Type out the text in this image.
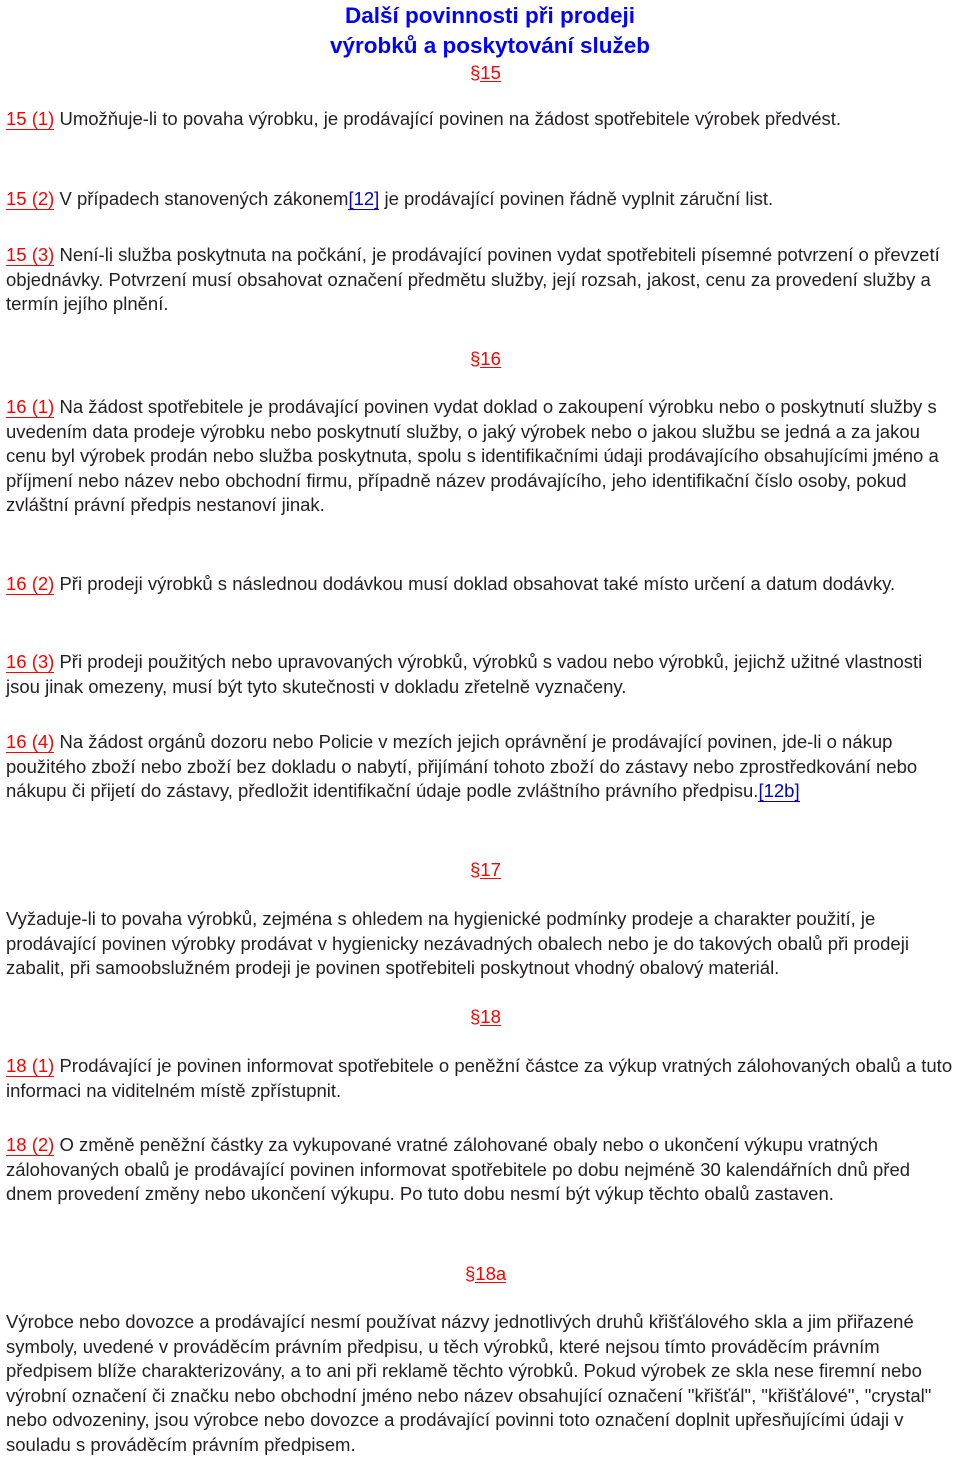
Další povinnosti při prodeji
výrobků a poskytování služeb
§15

15 (1) Umožňuje-li to povaha výrobku, je prodávající povinen na žádost spotřebitele výrobek předvést.

15 (2) V případech stanovených zákonem[12] je prodávající povinen řádně vyplnit záruční list.

15 (3) Není-li služba poskytnuta na počkání, je prodávající povinen vydat spotřebiteli písemné potvrzení o převzetí objednávky. Potvrzení musí obsahovat označení předmětu služby, její rozsah, jakost, cenu za provedení služby a termín jejího plnění.

§16

16 (1) Na žádost spotřebitele je prodávající povinen vydat doklad o zakoupení výrobku nebo o poskytnutí služby s uvedením data prodeje výrobku nebo poskytnutí služby, o jaký výrobek nebo o jakou službu se jedná a za jakou cenu byl výrobek prodán nebo služba poskytnuta, spolu s identifikačními údaji prodávajícího obsahujícími jméno a příjmení nebo název nebo obchodní firmu, případně název prodávajícího, jeho identifikační číslo osoby, pokud zvláštní právní předpis nestanoví jinak.

16 (2) Při prodeji výrobků s následnou dodávkou musí doklad obsahovat také místo určení a datum dodávky.

16 (3) Při prodeji použitých nebo upravovaných výrobků, výrobků s vadou nebo výrobků, jejichž užitné vlastnosti jsou jinak omezeny, musí být tyto skutečnosti v dokladu zřetelně vyznačeny.

16 (4) Na žádost orgánů dozoru nebo Policie v mezích jejich oprávnění je prodávající povinen, jde-li o nákup použitého zboží nebo zboží bez dokladu o nabytí, přijímání tohoto zboží do zástavy nebo zprostředkování nebo nákupu či přijetí do zástavy, předložit identifikační údaje podle zvláštního právního předpisu.[12b]

§17

Vyžaduje-li to povaha výrobků, zejména s ohledem na hygienické podmínky prodeje a charakter použití, je prodávající povinen výrobky prodávat v hygienicky nezávadných obalech nebo je do takových obalů při prodeji zabalit, při samoobslužném prodeji je povinen spotřebiteli poskytnout vhodný obalový materiál.

§18

18 (1) Prodávající je povinen informovat spotřebitele o peněžní částce za výkup vratných zálohovaných obalů a tuto informaci na viditelném místě zpřístupnit.

18 (2) O změně peněžní částky za vykupované vratné zálohované obaly nebo o ukončení výkupu vratných zálohovaných obalů je prodávající povinen informovat spotřebitele po dobu nejméně 30 kalendářních dnů před dnem provedení změny nebo ukončení výkupu. Po tuto dobu nesmí být výkup těchto obalů zastaven.

§18a

Výrobce nebo dovozce a prodávající nesmí používat názvy jednotlivých druhů křišťálového skla a jim přiřazené symboly, uvedené v prováděcím právním předpisu, u těch výrobků, které nejsou tímto prováděcím právním předpisem blíže charakterizovány, a to ani při reklamě těchto výrobků. Pokud výrobek ze skla nese firemní nebo výrobní označení či značku nebo obchodní jméno nebo název obsahující označení "křišťál", "křišťálové", "crystal" nebo odvozeniny, jsou výrobce nebo dovozce a prodávající povinni toto označení doplnit upřesňujícími údaji v souladu s prováděcím právním předpisem.
